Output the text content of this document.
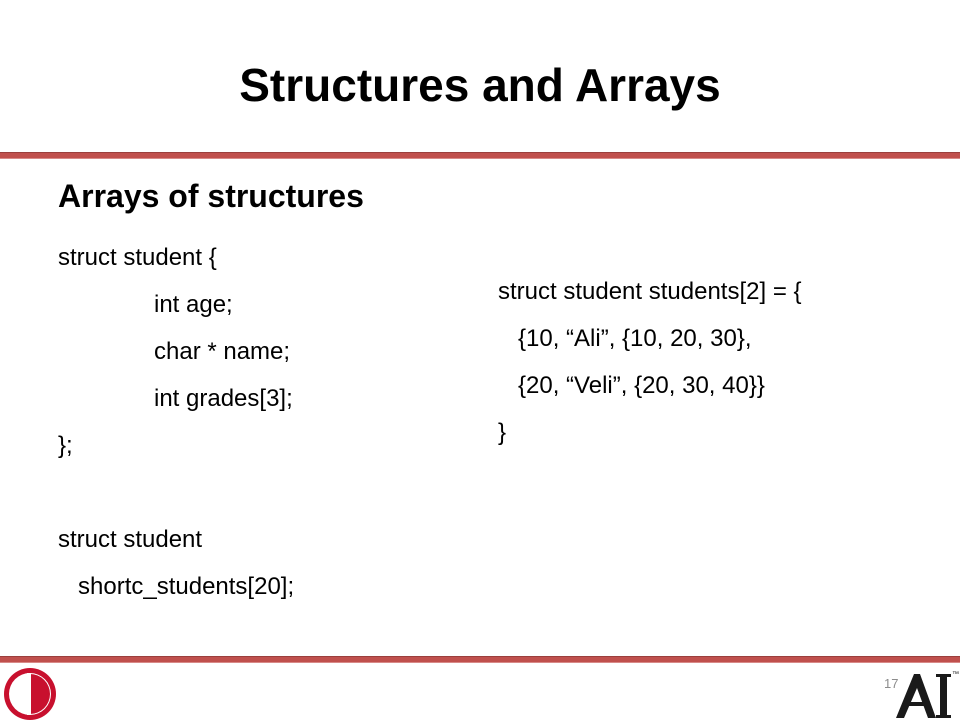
Structures and Arrays
Arrays of structures
struct student {
int age;
char * name;
int grades[3];
};
struct student
shortc_students[20];
struct student students[2] = {
{10, “Ali”, {10, 20, 30},
{20, “Veli”, {20, 30, 40}}
}
17
™
